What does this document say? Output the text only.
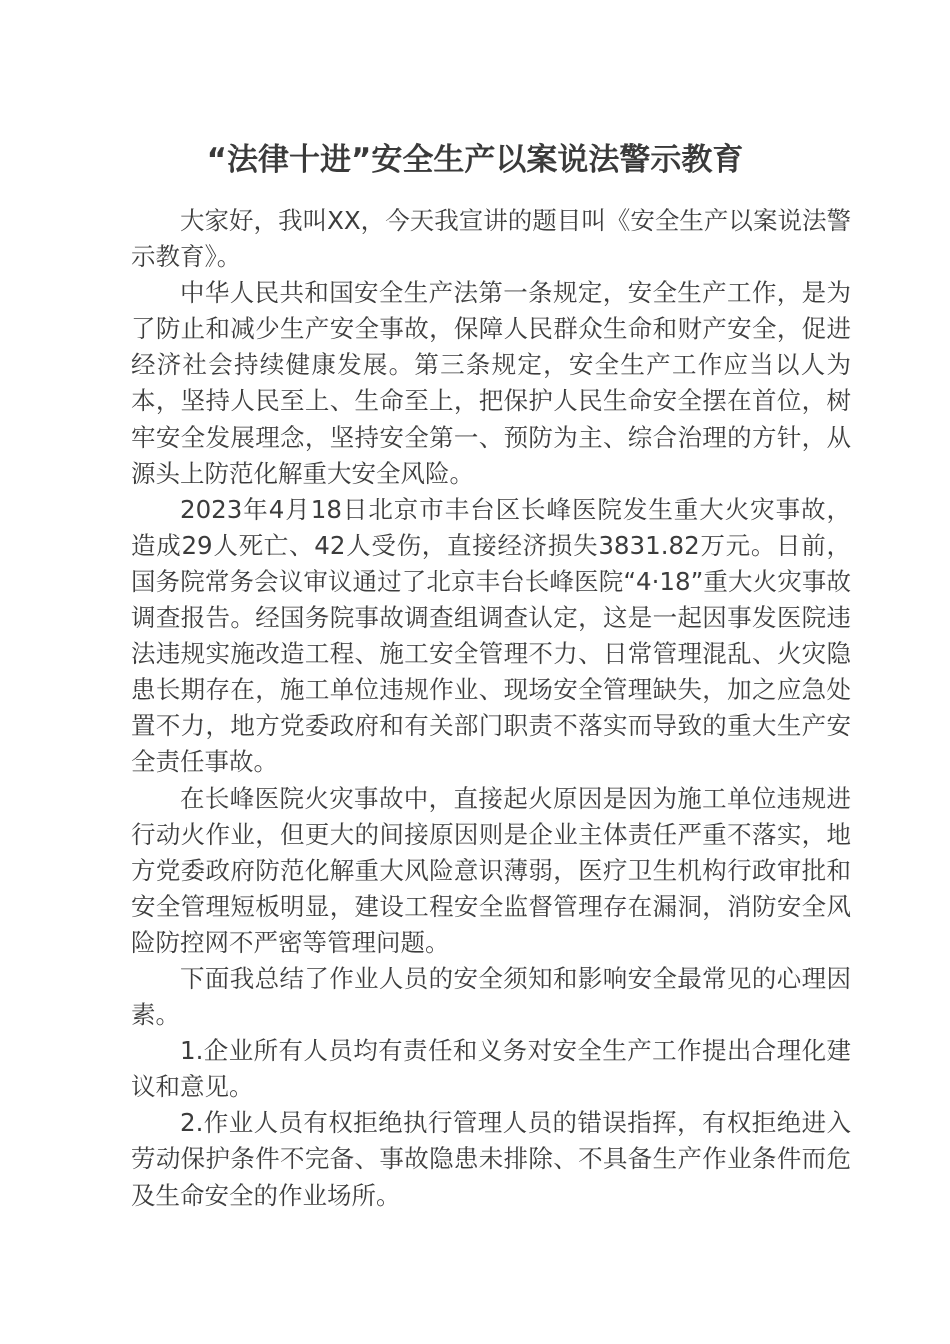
“法律十进”安全生产以案说法警示教育

大家好，我叫XX，今天我宣讲的题目叫《安全生产以案说法警示教育》。

中华人民共和国安全生产法第一条规定，安全生产工作，是为了防止和减少生产安全事故，保障人民群众生命和财产安全，促进经济社会持续健康发展。第三条规定，安全生产工作应当以人为本，坚持人民至上、生命至上，把保护人民生命安全摆在首位，树牢安全发展理念，坚持安全第一、预防为主、综合治理的方针，从源头上防范化解重大安全风险。

2023年4月18日北京市丰台区长峰医院发生重大火灾事故，造成29人死亡、42人受伤，直接经济损失3831.82万元。日前，国务院常务会议审议通过了北京丰台长峰医院“4·18”重大火灾事故调查报告。经国务院事故调查组调查认定，这是一起因事发医院违法违规实施改造工程、施工安全管理不力、日常管理混乱、火灾隐患长期存在，施工单位违规作业、现场安全管理缺失，加之应急处置不力，地方党委政府和有关部门职责不落实而导致的重大生产安全责任事故。

在长峰医院火灾事故中，直接起火原因是因为施工单位违规进行动火作业，但更大的间接原因则是企业主体责任严重不落实，地方党委政府防范化解重大风险意识薄弱，医疗卫生机构行政审批和安全管理短板明显，建设工程安全监督管理存在漏洞，消防安全风险防控网不严密等管理问题。

下面我总结了作业人员的安全须知和影响安全最常见的心理因素。

1.企业所有人员均有责任和义务对安全生产工作提出合理化建议和意见。

2.作业人员有权拒绝执行管理人员的错误指挥，有权拒绝进入劳动保护条件不完备、事故隐患未排除、不具备生产作业条件而危及生命安全的作业场所。
